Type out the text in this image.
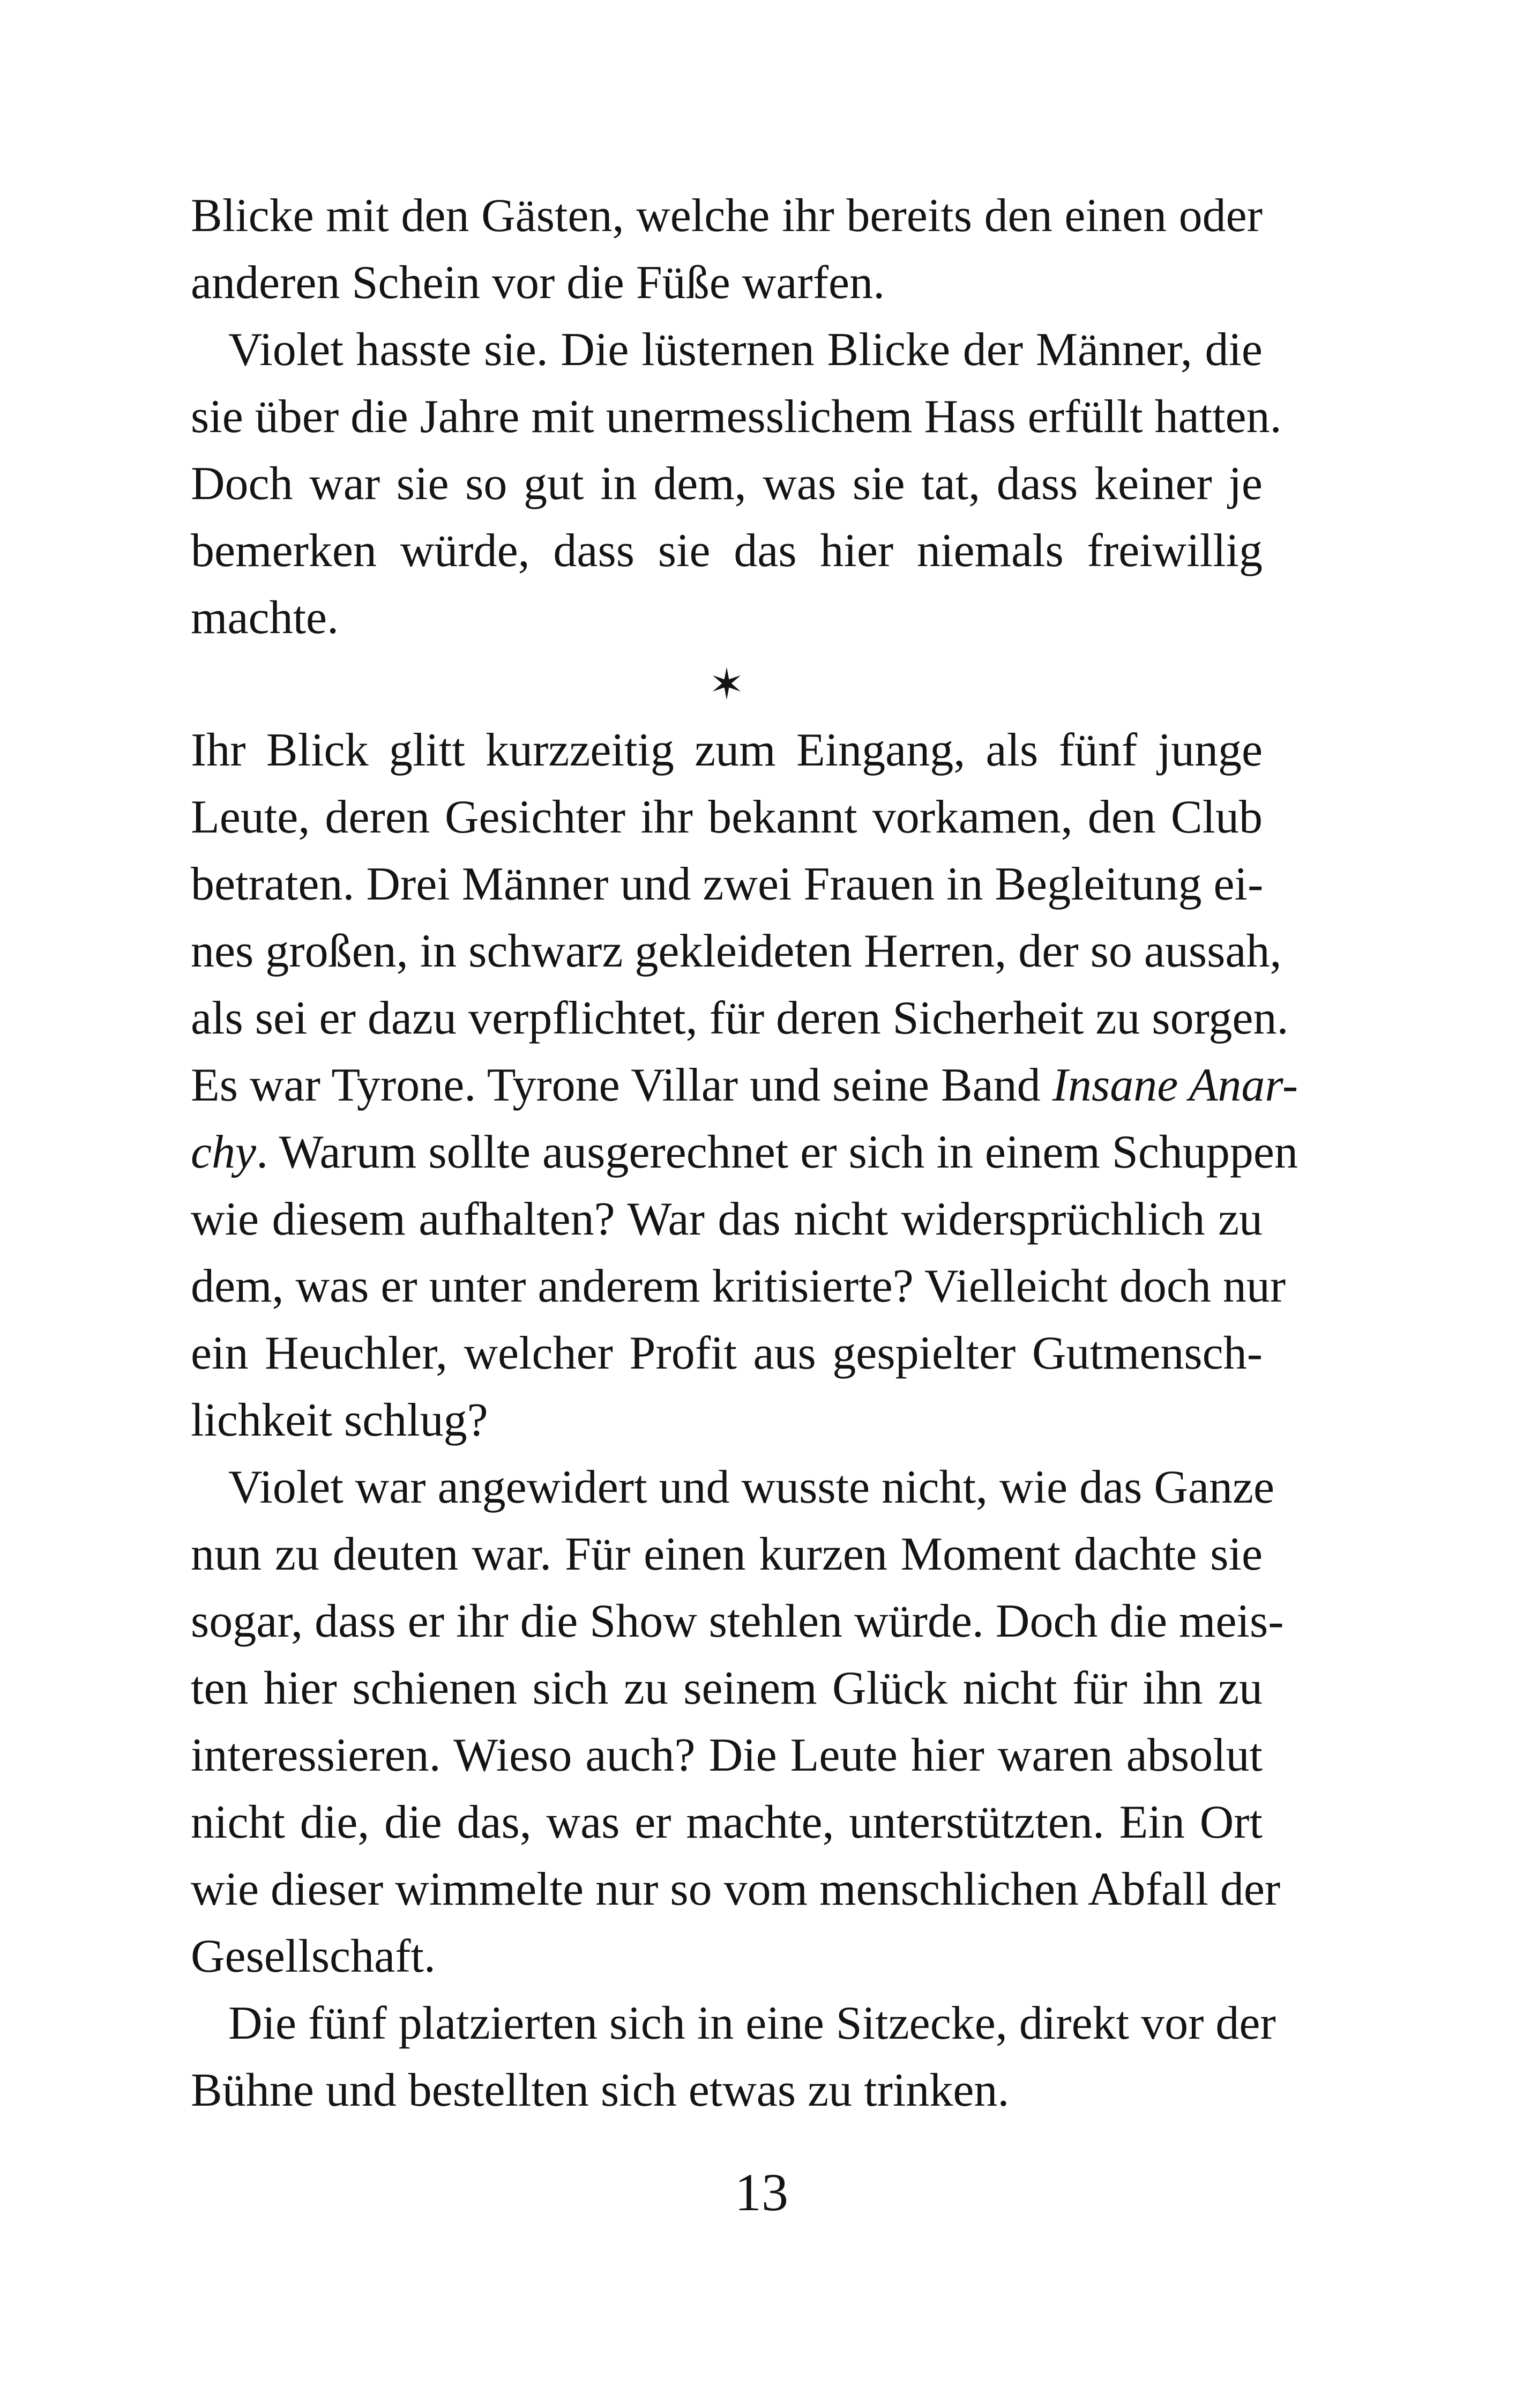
Blicke mit den Gästen, welche ihr bereits den einen oder
anderen Schein vor die Füße warfen.
Violet hasste sie. Die lüsternen Blicke der Männer, die
sie über die Jahre mit unermesslichem Hass erfüllt hatten.
Doch war sie so gut in dem, was sie tat, dass keiner je
bemerken würde, dass sie das hier niemals freiwillig
machte.
✶
Ihr Blick glitt kurzzeitig zum Eingang, als fünf junge
Leute, deren Gesichter ihr bekannt vorkamen, den Club
betraten. Drei Männer und zwei Frauen in Begleitung ei-
nes großen, in schwarz gekleideten Herren, der so aussah,
als sei er dazu verpflichtet, für deren Sicherheit zu sorgen.
Es war Tyrone. Tyrone Villar und seine Band Insane Anar-
chy. Warum sollte ausgerechnet er sich in einem Schuppen
wie diesem aufhalten? War das nicht widersprüchlich zu
dem, was er unter anderem kritisierte? Vielleicht doch nur
ein Heuchler, welcher Profit aus gespielter Gutmensch-
lichkeit schlug?
Violet war angewidert und wusste nicht, wie das Ganze
nun zu deuten war. Für einen kurzen Moment dachte sie
sogar, dass er ihr die Show stehlen würde. Doch die meis-
ten hier schienen sich zu seinem Glück nicht für ihn zu
interessieren. Wieso auch? Die Leute hier waren absolut
nicht die, die das, was er machte, unterstützten. Ein Ort
wie dieser wimmelte nur so vom menschlichen Abfall der
Gesellschaft.
Die fünf platzierten sich in eine Sitzecke, direkt vor der
Bühne und bestellten sich etwas zu trinken.
13
